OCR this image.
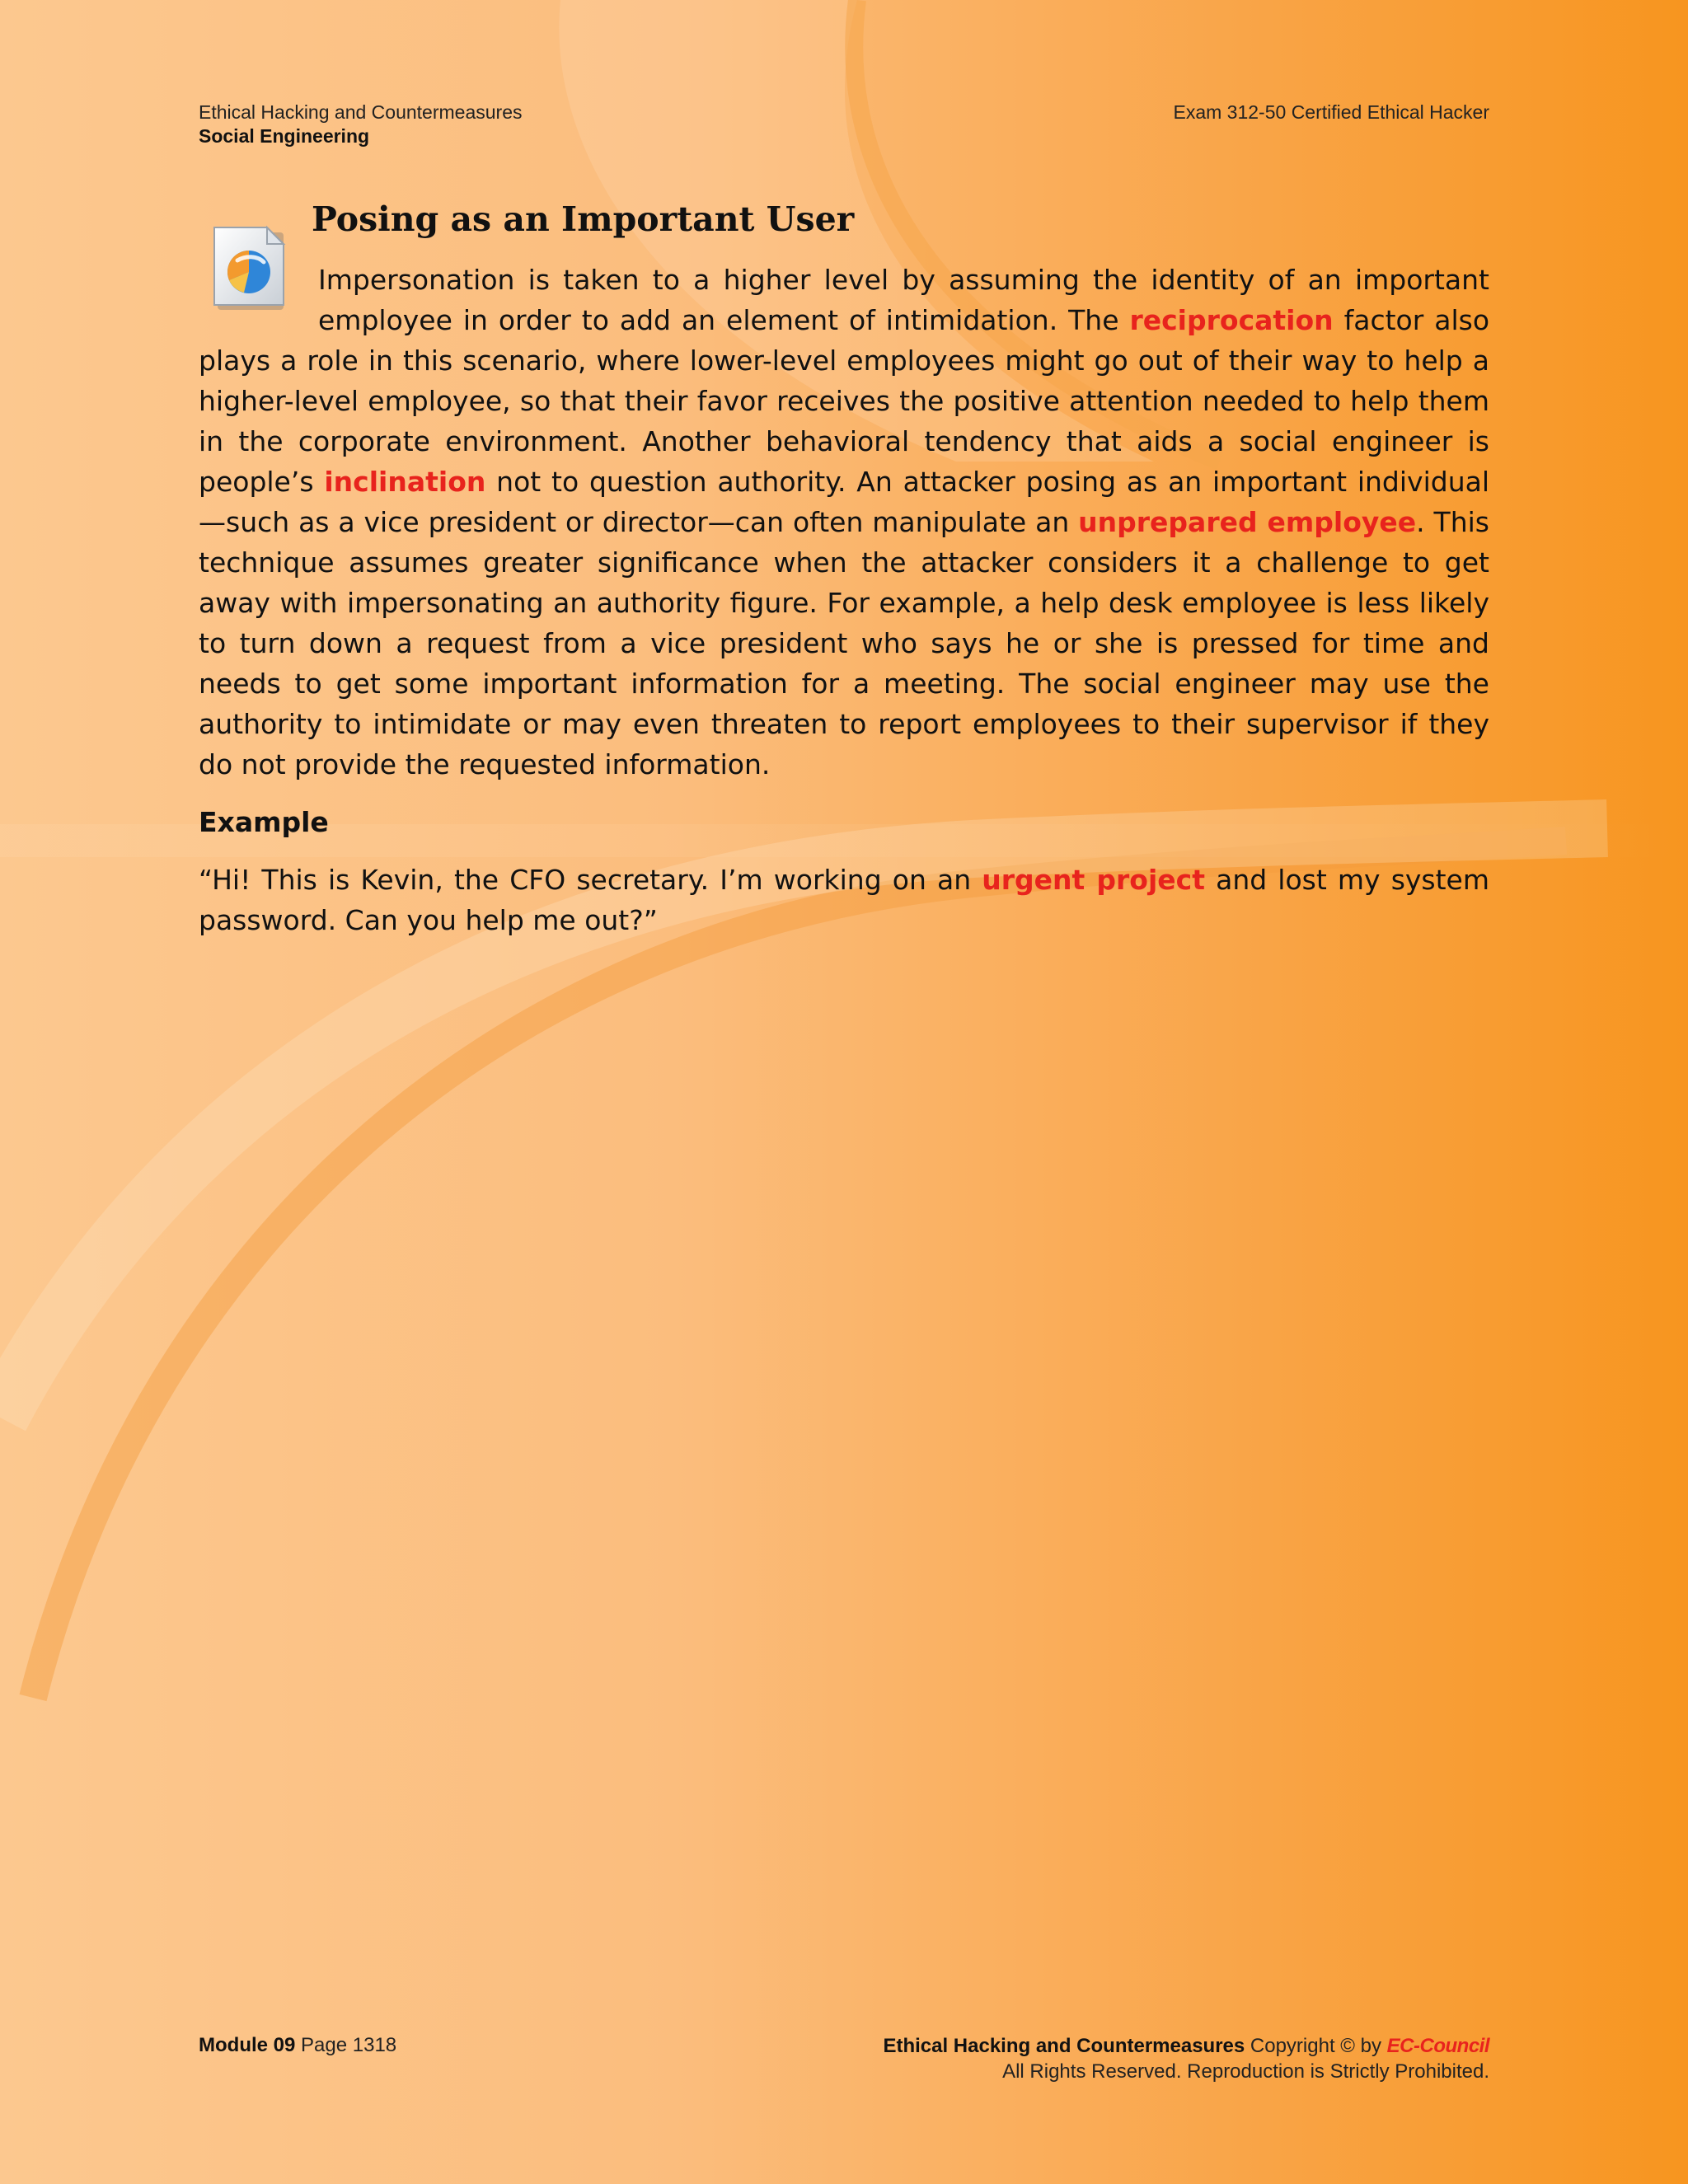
Ethical Hacking and Countermeasures
Social Engineering
Exam 312-50 Certified Ethical Hacker
Posing as an Important User

Impersonation is taken to a higher level by assuming the identity of an important employee in order to add an element of intimidation. The reciprocation factor also plays a role in this scenario, where lower-level employees might go out of their way to help a higher-level employee, so that their favor receives the positive attention needed to help them in the corporate environment. Another behavioral tendency that aids a social engineer is people’s inclination not to question authority. An attacker posing as an important individual—such as a vice president or director—can often manipulate an unprepared employee. This technique assumes greater significance when the attacker considers it a challenge to get away with impersonating an authority figure. For example, a help desk employee is less likely to turn down a request from a vice president who says he or she is pressed for time and needs to get some important information for a meeting. The social engineer may use the authority to intimidate or may even threaten to report employees to their supervisor if they do not provide the requested information.

Example

“Hi! This is Kevin, the CFO secretary. I’m working on an urgent project and lost my system password. Can you help me out?”

Module 09 Page 1318	Ethical Hacking and Countermeasures Copyright © by EC-Council
All Rights Reserved. Reproduction is Strictly Prohibited.
